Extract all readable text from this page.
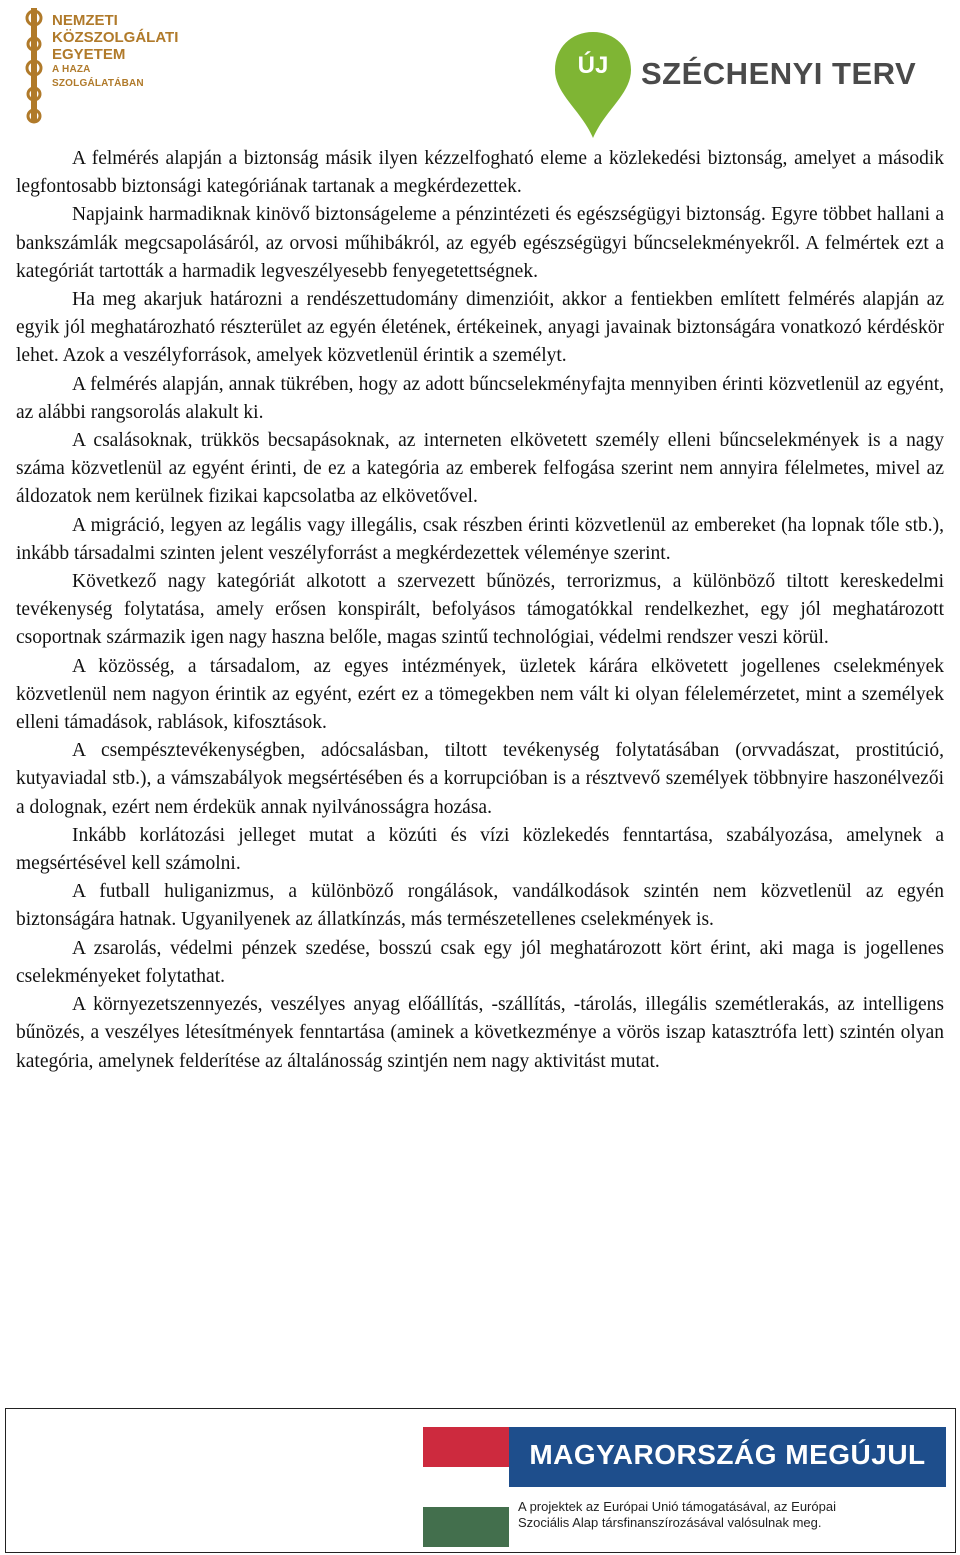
NEMZETI
KÖZSZOLGÁLATI
EGYETEM
A HAZA SZOLGÁLATÁBAN
ÚJ	SZÉCHENYI TERV

A felmérés alapján a biztonság másik ilyen kézzelfogható eleme a közlekedési biztonság, amelyet a második legfontosabb biztonsági kategóriának tartanak a megkérdezettek.

Napjaink harmadiknak kinövő biztonságeleme a pénzintézeti és egészségügyi biztonság. Egyre többet hallani a bankszámlák megcsapolásáról, az orvosi műhibákról, az egyéb egészségügyi bűncselekményekről. A felmértek ezt a kategóriát tartották a harmadik legveszélyesebb fenyegetettségnek.

Ha meg akarjuk határozni a rendészettudomány dimenzióit, akkor a fentiekben említett felmérés alapján az egyik jól meghatározható részterület az egyén életének, értékeinek, anyagi javainak biztonságára vonatkozó kérdéskör lehet. Azok a veszélyforrások, amelyek közvetlenül érintik a személyt.

A felmérés alapján, annak tükrében, hogy az adott bűncselekményfajta mennyiben érinti közvetlenül az egyént, az alábbi rangsorolás alakult ki.

A csalásoknak, trükkös becsapásoknak, az interneten elkövetett személy elleni bűncselekmények is a nagy száma közvetlenül az egyént érinti, de ez a kategória az emberek felfogása szerint nem annyira félelmetes, mivel az áldozatok nem kerülnek fizikai kapcsolatba az elkövetővel.

A migráció, legyen az legális vagy illegális, csak részben érinti közvetlenül az embereket (ha lopnak tőle stb.), inkább társadalmi szinten jelent veszélyforrást a megkérdezettek véleménye szerint.

Következő nagy kategóriát alkotott a szervezett bűnözés, terrorizmus, a különböző tiltott kereskedelmi tevékenység folytatása, amely erősen konspirált, befolyásos támogatókkal rendelkezhet, egy jól meghatározott csoportnak származik igen nagy haszna belőle, magas szintű technológiai, védelmi rendszer veszi körül.

A közösség, a társadalom, az egyes intézmények, üzletek kárára elkövetett jogellenes cselekmények közvetlenül nem nagyon érintik az egyént, ezért ez a tömegekben nem vált ki olyan félelemérzetet, mint a személyek elleni támadások, rablások, kifosztások.

A csempésztevékenységben, adócsalásban, tiltott tevékenység folytatásában (orvvadászat, prostitúció, kutyaviadal stb.), a vámszabályok megsértésében és a korrupcióban is a résztvevő személyek többnyire haszonélvezői a dolognak, ezért nem érdekük annak nyilvánosságra hozása.

Inkább korlátozási jelleget mutat a közúti és vízi közlekedés fenntartása, szabályozása, amelynek a megsértésével kell számolni.

A futball huliganizmus, a különböző rongálások, vandálkodások szintén nem közvetlenül az egyén biztonságára hatnak. Ugyanilyenek az állatkínzás, más természetellenes cselekmények is.

A zsarolás, védelmi pénzek szedése, bosszú csak egy jól meghatározott kört érint, aki maga is jogellenes cselekményeket folytathat.

A környezetszennyezés, veszélyes anyag előállítás, -szállítás, -tárolás, illegális szemétlerakás, az intelligens bűnözés, a veszélyes létesítmények fenntartása (aminek a következménye a vörös iszap katasztrófa lett) szintén olyan kategória, amelynek felderítése az általánosság szintjén nem nagy aktivitást mutat.

MAGYARORSZÁG MEGÚJUL
A projektek az Európai Unió támogatásával, az Európai
Szociális Alap társfinanszírozásával valósulnak meg.
